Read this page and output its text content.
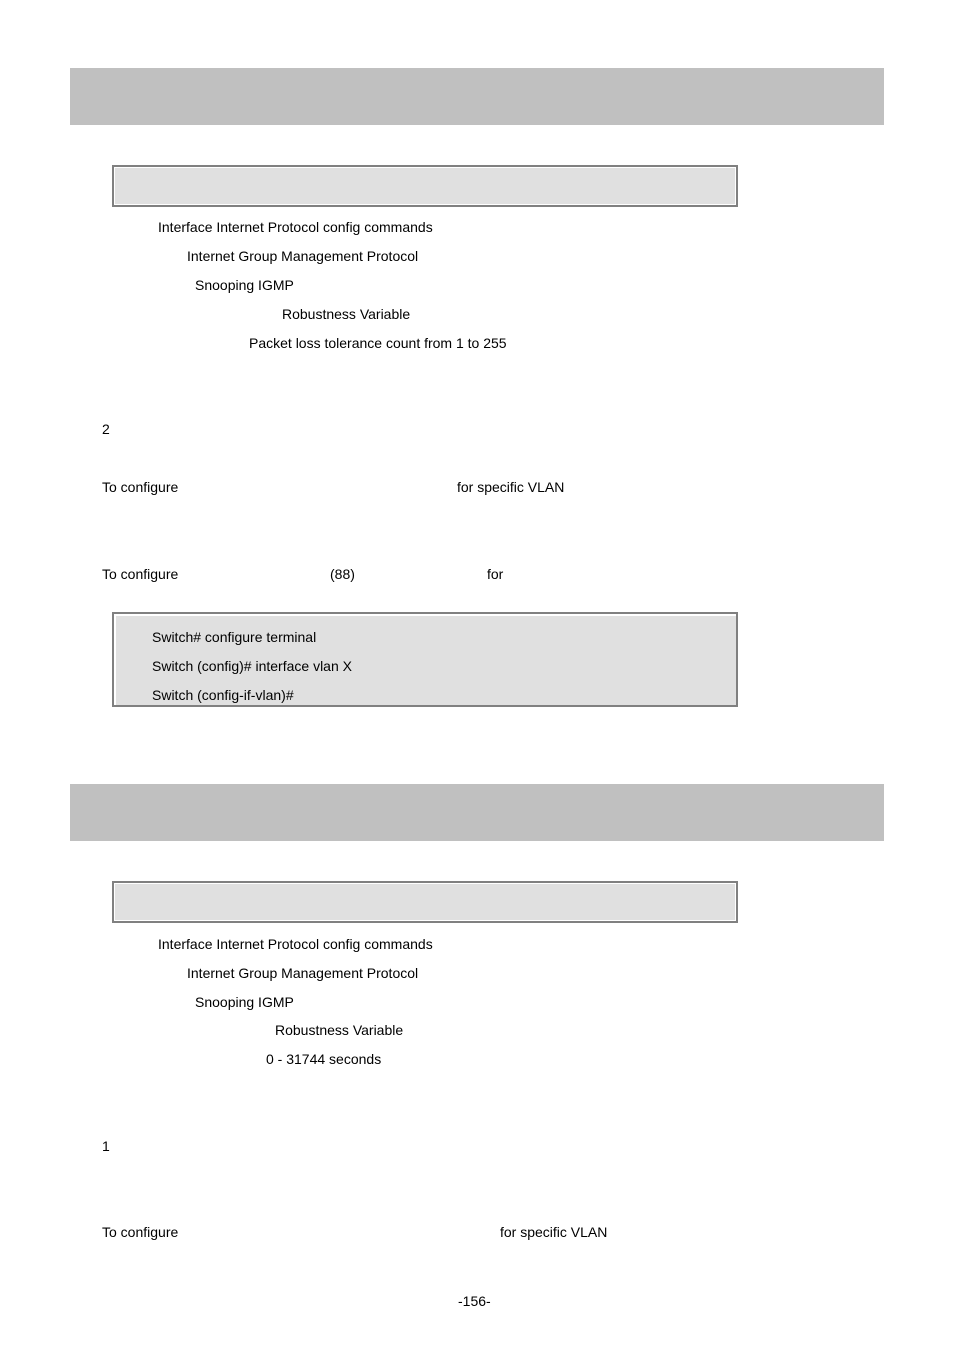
Interface Internet Protocol config commands
Internet Group Management Protocol
Snooping IGMP
Robustness Variable
Packet loss tolerance count from 1 to 255
2
To configure	for specific VLAN
To configure	(88)	for
Switch# configure terminal
Switch (config)# interface vlan X
Switch (config-if-vlan)#
Interface Internet Protocol config commands
Internet Group Management Protocol
Snooping IGMP
Robustness Variable
0 - 31744 seconds
1
To configure	for specific VLAN
-156-
